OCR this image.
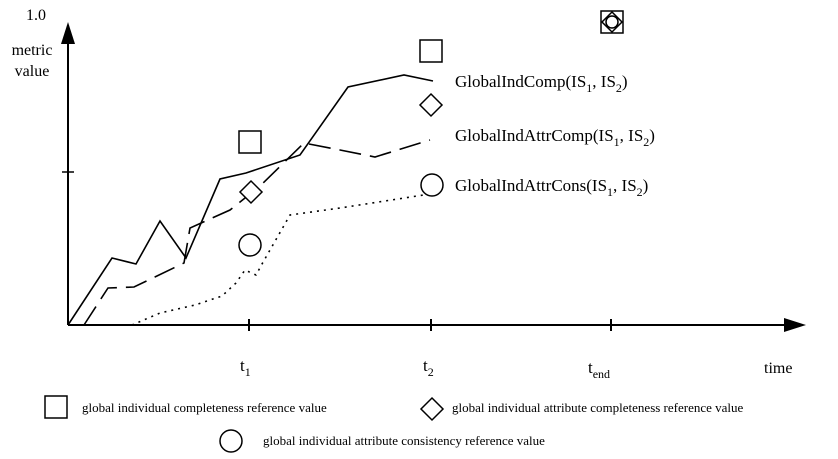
1.0
metric
value
time
$t_1$	$t_2$	$t_{end}$
$GlobalIndComp(IS_1$, $IS_2$)
$GlobalIndAttrComp(IS_1$, $IS_2$)
$GlobalIndAttrCons(IS_1$, $IS_2$)
global individual completeness reference value	global individual attribute completeness reference value
global individual attribute consistency reference value
